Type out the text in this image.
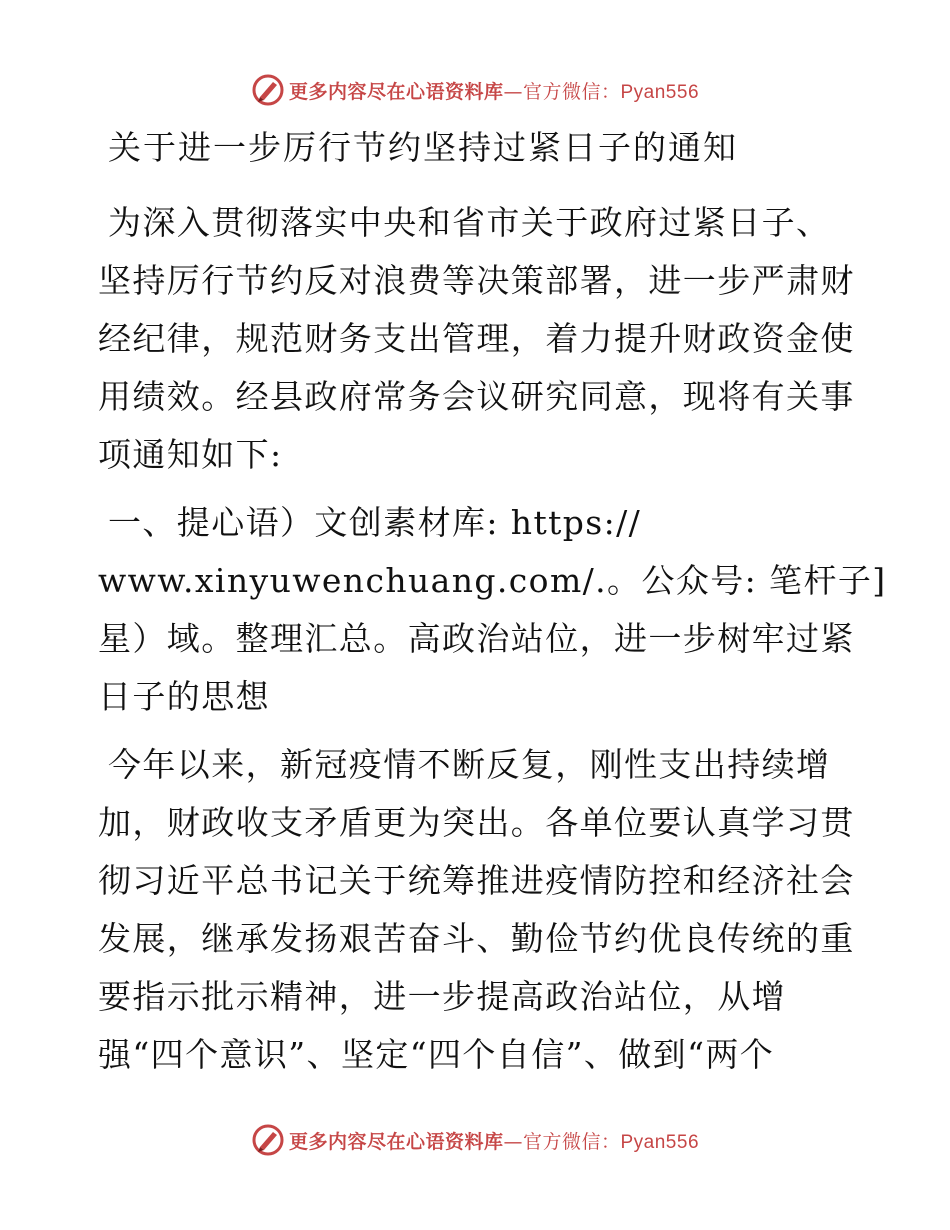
更多内容尽在心语资料库—官方微信：Pyan556
关于进一步厉行节约坚持过紧日子的通知
为深入贯彻落实中央和省市关于政府过紧日子、
坚持厉行节约反对浪费等决策部署，进一步严肃财
经纪律，规范财务支出管理，着力提升财政资金使
用绩效。经县政府常务会议研究同意，现将有关事
项通知如下:
一、提心语）文创素材库: https://
www.xinyuwenchuang.com/.。公众号: 笔杆子]
星）域。整理汇总。高政治站位，进一步树牢过紧
日子的思想
今年以来，新冠疫情不断反复，刚性支出持续增
加，财政收支矛盾更为突出。各单位要认真学习贯
彻习近平总书记关于统筹推进疫情防控和经济社会
发展，继承发扬艰苦奋斗、勤俭节约优良传统的重
要指示批示精神，进一步提高政治站位，从增
强“四个意识”、坚定“四个自信”、做到“两个
更多内容尽在心语资料库—官方微信：Pyan556
